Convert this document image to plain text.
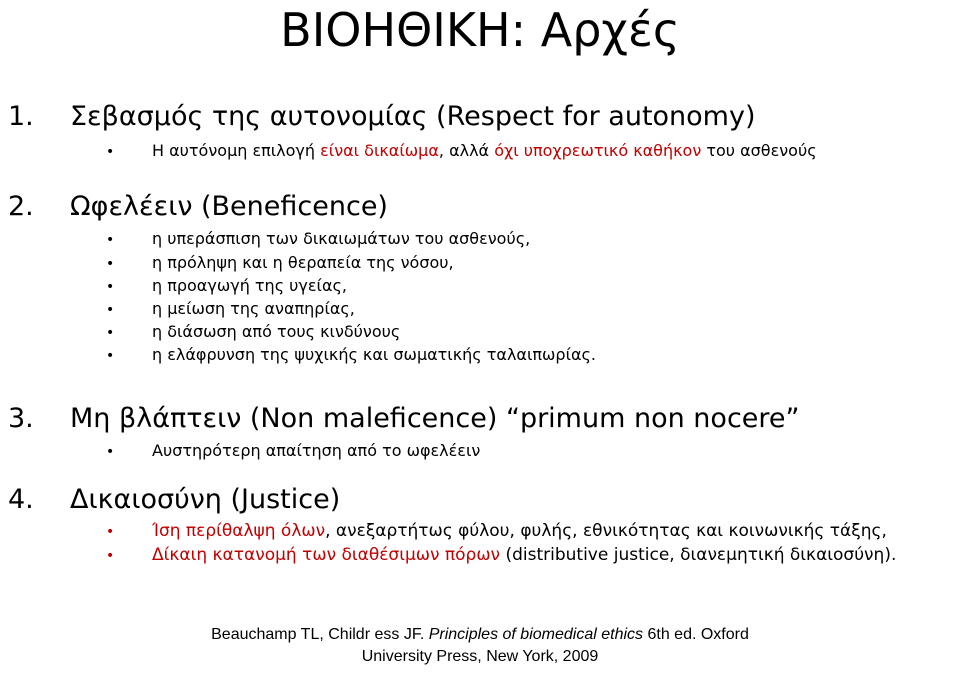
ΒΙΟΗΘΙΚΗ: Αρχές
1. Σεβασμός της αυτονομίας (Respect for autonomy)
• Η αυτόνομη επιλογή είναι δικαίωμα, αλλά όχι υποχρεωτικό καθήκον του ασθενούς
2. Ωφελέειν (Beneficence)
• η υπεράσπιση των δικαιωμάτων του ασθενούς,
• η πρόληψη και η θεραπεία της νόσου,
• η προαγωγή της υγείας,
• η μείωση της αναπηρίας,
• η διάσωση από τους κινδύνους
• η ελάφρυνση της ψυχικής και σωματικής ταλαιπωρίας.
3. Μη βλάπτειν (Non maleficence) “primum non nocere”
• Αυστηρότερη απαίτηση από το ωφελέειν
4. Δικαιοσύνη (Justice)
• Ίση περίθαλψη όλων, ανεξαρτήτως φύλου, φυλής, εθνικότητας και κοινωνικής τάξης,
• Δίκαιη κατανομή των διαθέσιμων πόρων (distributive justice, διανεμητική δικαιοσύνη).
Beauchamp TL, Childr ess JF. Principles of biomedical ethics 6th ed. Oxford
University Press, New York, 2009
